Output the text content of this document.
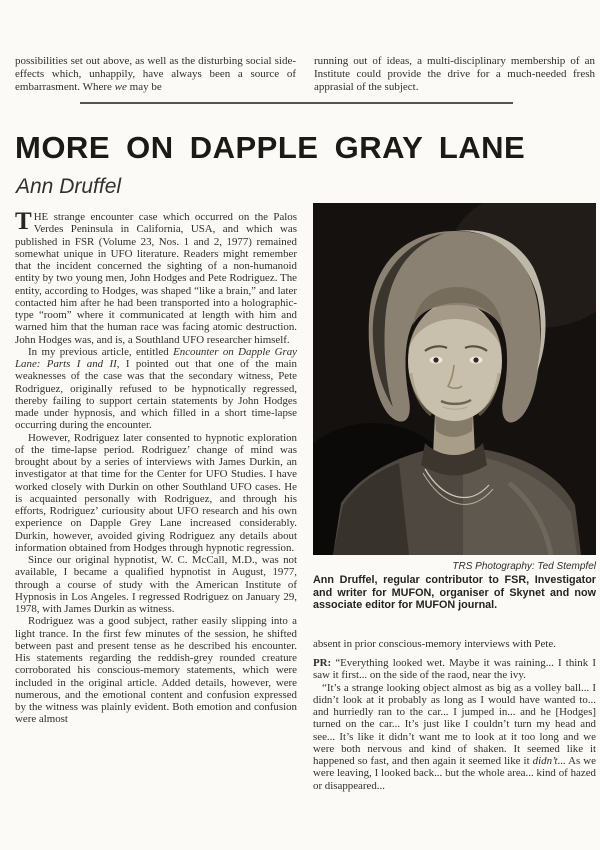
possibilities set out above, as well as the disturbing social side-effects which, unhappily, have always been a source of embarrasment. Where we may be
running out of ideas, a multi-disciplinary membership of an Institute could provide the drive for a much-needed fresh apprasial of the subject.
MORE ON DAPPLE GRAY LANE
Ann Druffel

THE strange encounter case which occurred on the Palos Verdes Peninsula in California, USA, and which was published in FSR (Volume 23, Nos. 1 and 2, 1977) remained somewhat unique in UFO literature. Readers might remember that the incident concerned the sighting of a non-humanoid entity by two young men, John Hodges and Pete Rodriguez. The entity, according to Hodges, was shaped “like a brain,” and later contacted him after he had been transported into a holographic-type “room” where it communicated at length with him and warned him that the human race was facing atomic destruction. John Hodges was, and is, a Southland UFO researcher himself.

In my previous article, entitled Encounter on Dapple Gray Lane: Parts I and II, I pointed out that one of the main weaknesses of the case was that the secondary witness, Pete Rodriguez, originally refused to be hypnotically regressed, thereby failing to support certain statements by John Hodges made under hypnosis, and which filled in a short time-lapse occurring during the encounter.

However, Rodriguez later consented to hypnotic exploration of the time-lapse period. Rodriguez’ change of mind was brought about by a series of interviews with James Durkin, an investigator at that time for the Center for UFO Studies. I have worked closely with Durkin on other Southland UFO cases. He is acquainted personally with Rodriguez, and through his efforts, Rodriguez’ curiousity about UFO research and his own experience on Dapple Grey Lane increased considerably. Durkin, however, avoided giving Rodriguez any details about information obtained from Hodges through hypnotic regression.

Since our original hypnotist, W. C. McCall, M.D., was not available, I became a qualified hypnotist in August, 1977, through a course of study with the American Institute of Hypnosis in Los Angeles. I regressed Rodriguez on January 29, 1978, with James Durkin as witness.

Rodriguez was a good subject, rather easily slipping into a light trance. In the first few minutes of the session, he shifted between past and present tense as he described his encounter. His statements regarding the reddish-grey rounded creature corroborated his conscious-memory statements, which were included in the original article. Added details, however, were numerous, and the emotional content and confusion expressed by the witness was plainly evident. Both emotion and confusion were almost

TRS Photography: Ted Stempfel

Ann Druffel, regular contributor to FSR, Investigator and writer for MUFON, organiser of Skynet and now associate editor for MUFON journal.

absent in prior conscious-memory interviews with Pete.

PR: “Everything looked wet. Maybe it was raining... I think I saw it first... on the side of the raod, near the ivy.

“It’s a strange looking object almost as big as a volley ball... I didn’t look at it probably as long as I would have wanted to... and hurriedly ran to the car... I jumped in... and he [Hodges] turned on the car... It’s just like I couldn’t turn my head and see... It’s like it didn’t want me to look at it too long and we were both nervous and kind of shaken. It seemed like it happened so fast, and then again it seemed like it didn’t... As we were leaving, I looked back... but the whole area... kind of hazed or disappeared...
